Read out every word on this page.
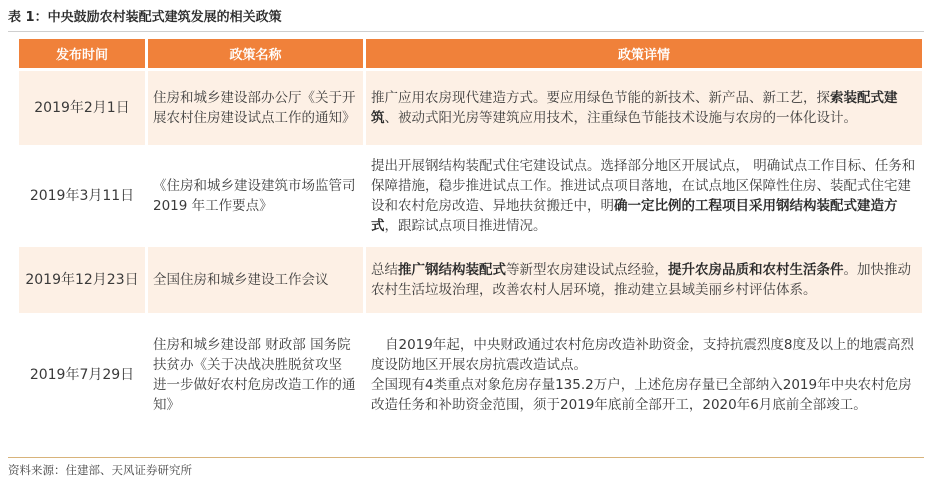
表 1：中央鼓励农村装配式建筑发展的相关政策
发布时间	政策名称	政策详情
2019年2月1日	住房和城乡建设部办公厅《关于开展农村住房建设试点工作的通知》	推广应用农房现代建造方式。要应用绿色节能的新技术、新产品、新工艺，探索装配式建筑、被动式阳光房等建筑应用技术，注重绿色节能技术设施与农房的一体化设计。
2019年3月11日	《住房和城乡建设建筑市场监管司 2019 年工作要点》	提出开展钢结构装配式住宅建设试点。选择部分地区开展试点， 明确试点工作目标、任务和保障措施，稳步推进试点工作。推进试点项目落地，在试点地区保障性住房、装配式住宅建设和农村危房改造、异地扶贫搬迁中，明确一定比例的工程项目采用钢结构装配式建造方式，跟踪试点项目推进情况。
2019年12月23日	全国住房和城乡建设工作会议	总结推广钢结构装配式等新型农房建设试点经验，提升农房品质和农村生活条件。加快推动农村生活垃圾治理，改善农村人居环境，推动建立县域美丽乡村评估体系。
2019年7月29日	住房和城乡建设部 财政部 国务院扶贫办《关于决战决胜脱贫攻坚 进一步做好农村危房改造工作的通知》	自2019年起，中央财政通过农村危房改造补助资金，支持抗震烈度8度及以上的地震高烈度设防地区开展农房抗震改造试点。
全国现有4类重点对象危房存量135.2万户，上述危房存量已全部纳入2019年中央农村危房改造任务和补助资金范围，须于2019年底前全部开工，2020年6月底前全部竣工。
资料来源：住建部、天风证券研究所
